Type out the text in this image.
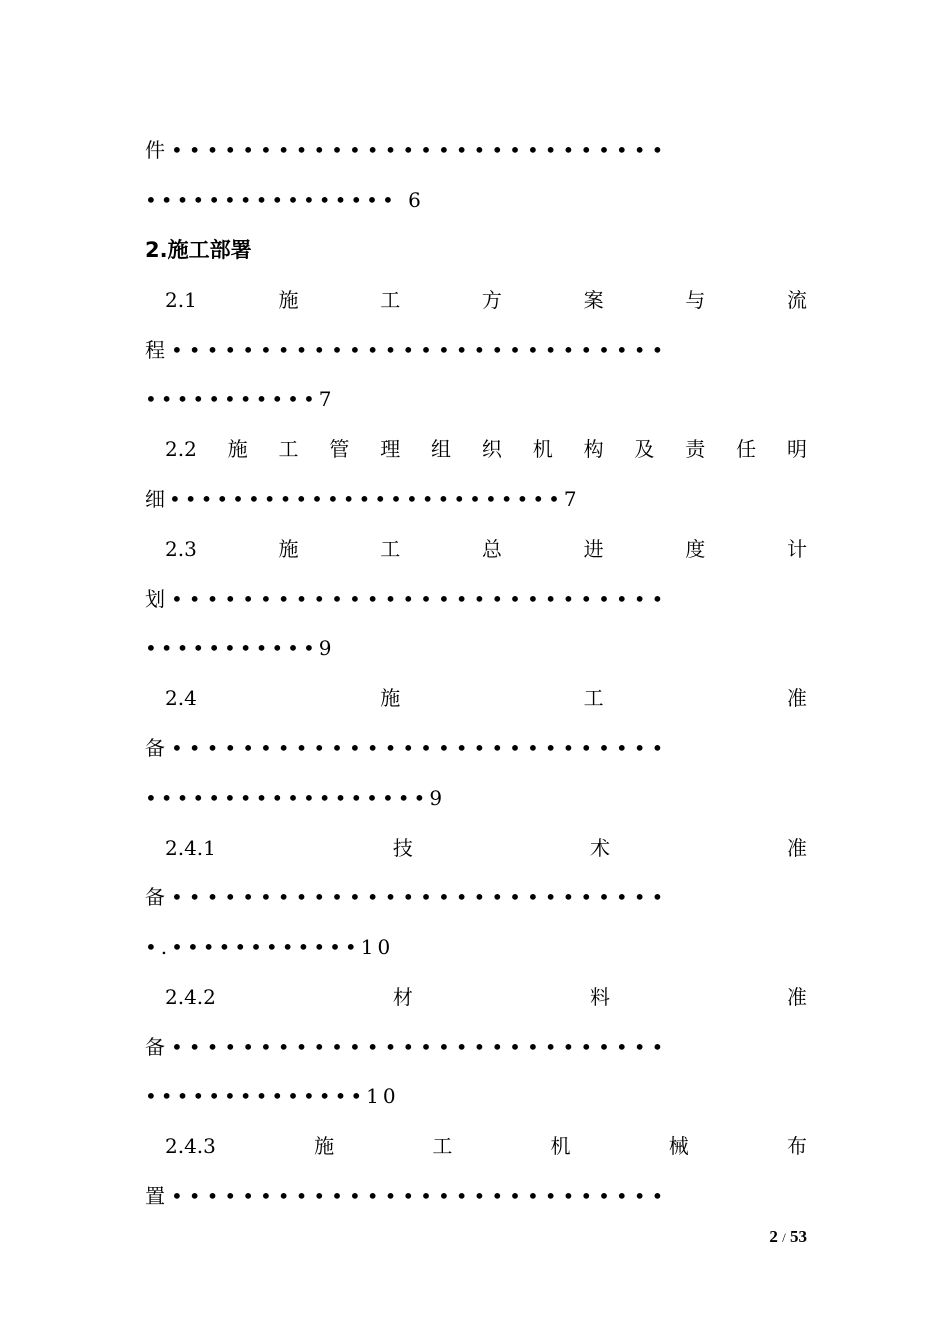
件 ••••••••••••••••••••••••••••
•••••••••••••••• 6
2.施工部署
2.1	施	工	方	案	与	流
程 ••••••••••••••••••••••••••••
•••••••••••7
2.2 施 工 管 理 组 织 机 构 及 责 任 明
细•••••••••••••••••••••••••7
2.3	施	工	总	进	度	计
划 ••••••••••••••••••••••••••••
•••••••••••9
2.4	施	工	准
备 ••••••••••••••••••••••••••••
••••••••••••••••••9
2.4.1	技	术	准
备 ••••••••••••••••••••••••••••
•.••••••••••••10
2.4.2	材	料	准
备 ••••••••••••••••••••••••••••
••••••••••••••10
2.4.3	施	工	机	械	布
置 ••••••••••••••••••••••••••••
2 / 53
